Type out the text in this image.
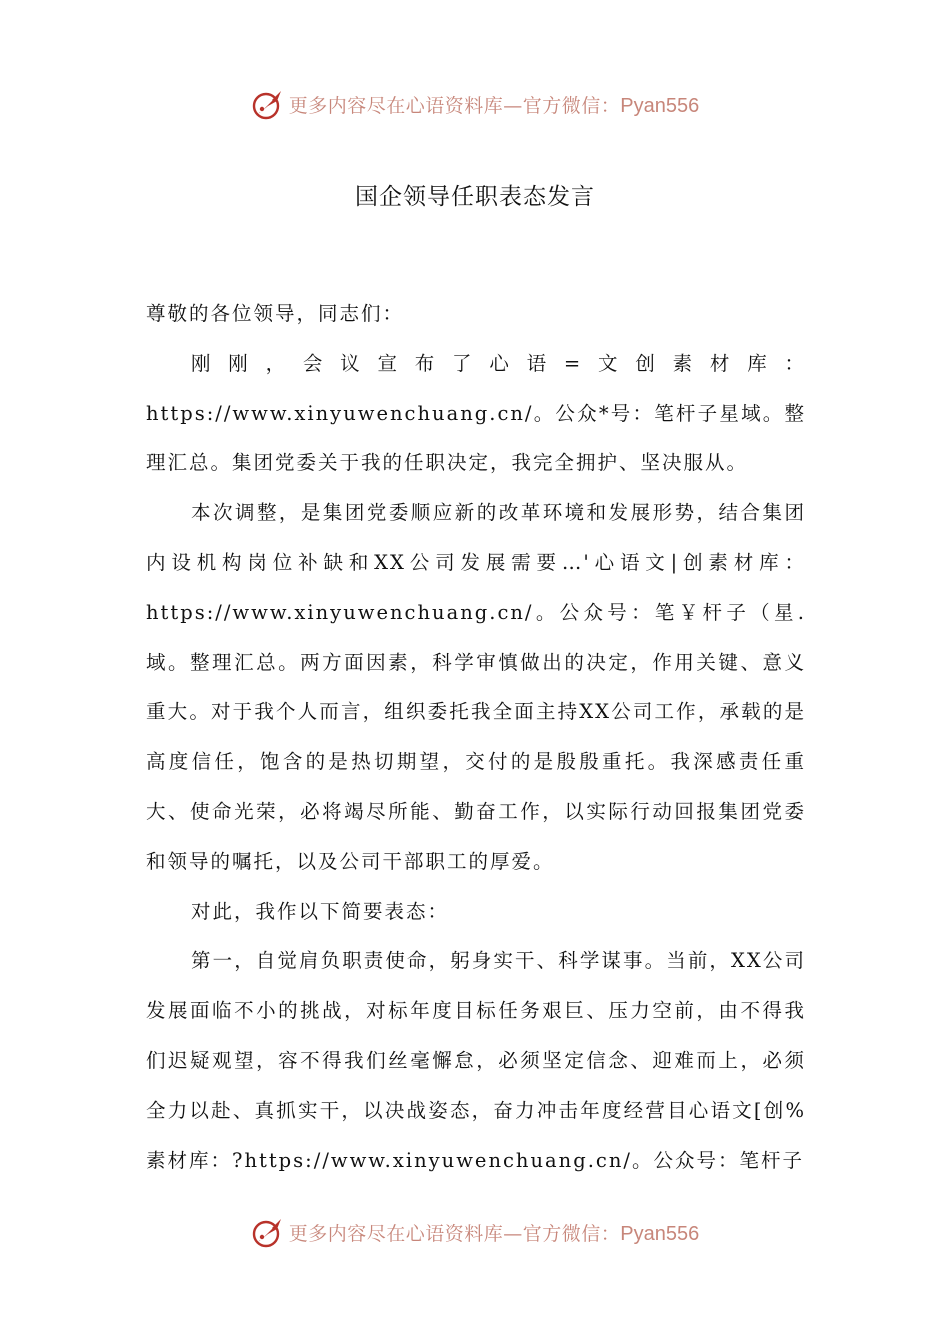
更多内容尽在心语资料库—官方微信：Pyan556
国企领导任职表态发言

尊敬的各位领导，同志们：

刚刚，会议宣布了心语=文创素材库：https://www.xinyuwenchuang.cn/。公众*号：笔杆子星域。整理汇总。集团党委关于我的任职决定，我完全拥护、坚决服从。

本次调整，是集团党委顺应新的改革环境和发展形势，结合集团内设机构岗位补缺和XX公司发展需要…'心语文|创素材库：https://www.xinyuwenchuang.cn/。公众号：笔￥杆子（星.域。整理汇总。两方面因素，科学审慎做出的决定，作用关键、意义重大。对于我个人而言，组织委托我全面主持XX公司工作，承载的是高度信任，饱含的是热切期望，交付的是殷殷重托。我深感责任重大、使命光荣，必将竭尽所能、勤奋工作，以实际行动回报集团党委和领导的嘱托，以及公司干部职工的厚爱。

对此，我作以下简要表态：

第一，自觉肩负职责使命，躬身实干、科学谋事。当前，XX公司发展面临不小的挑战，对标年度目标任务艰巨、压力空前，由不得我们迟疑观望，容不得我们丝毫懈怠，必须坚定信念、迎难而上，必须全力以赴、真抓实干，以决战姿态，奋力冲击年度经营目心语文[创%素材库：?https://www.xinyuwenchuang.cn/。公众号：笔杆子

更多内容尽在心语资料库—官方微信：Pyan556
